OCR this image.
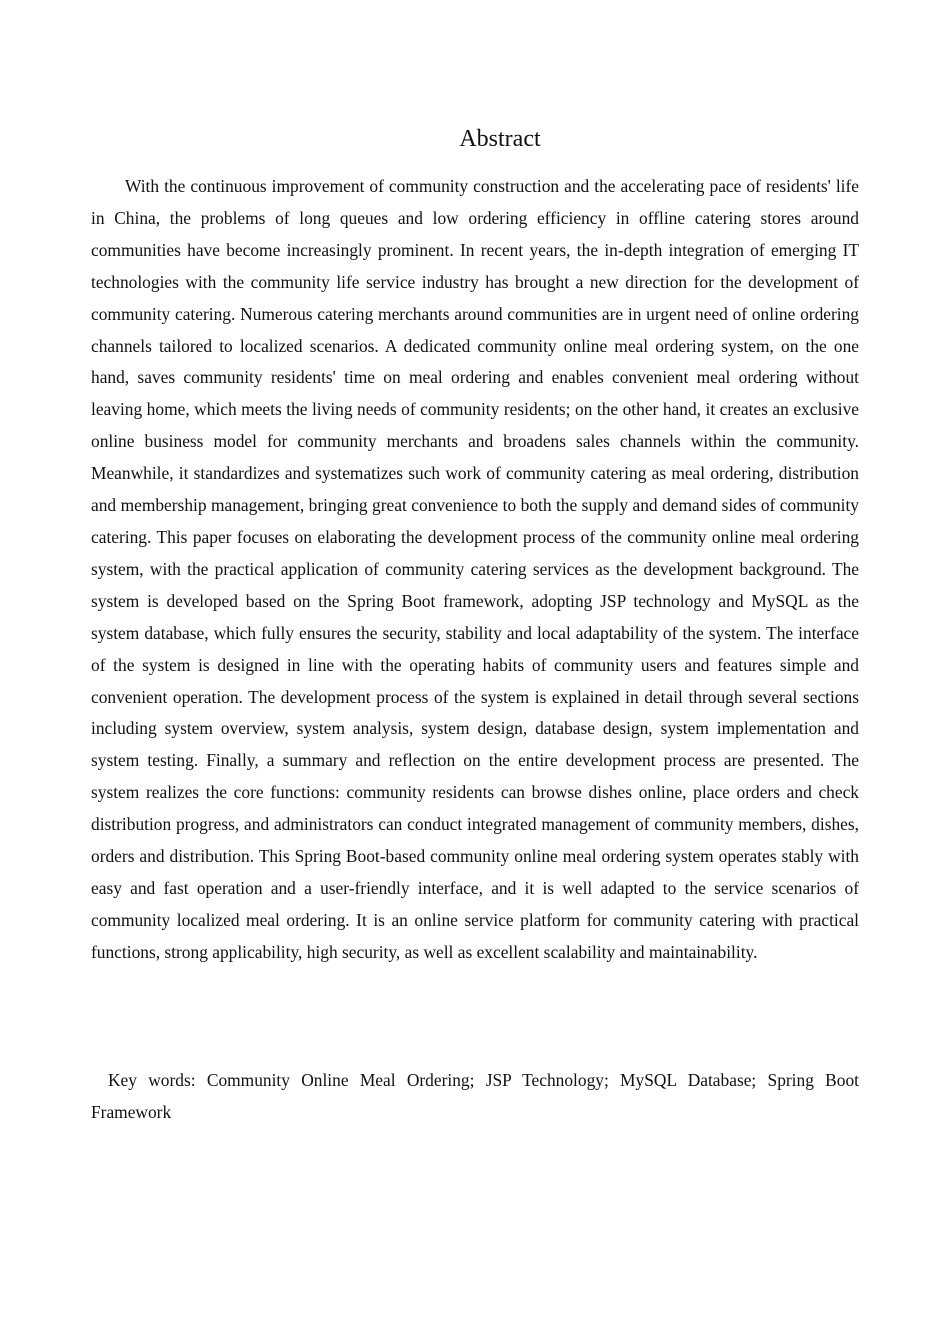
Abstract

With the continuous improvement of community construction and the accelerating pace of residents' life in China, the problems of long queues and low ordering efficiency in offline catering stores around communities have become increasingly prominent. In recent years, the in-depth integration of emerging IT technologies with the community life service industry has brought a new direction for the development of community catering. Numerous catering merchants around communities are in urgent need of online ordering channels tailored to localized scenarios. A dedicated community online meal ordering system, on the one hand, saves community residents' time on meal ordering and enables convenient meal ordering without leaving home, which meets the living needs of community residents; on the other hand, it creates an exclusive online business model for community merchants and broadens sales channels within the community. Meanwhile, it standardizes and systematizes such work of community catering as meal ordering, distribution and membership management, bringing great convenience to both the supply and demand sides of community catering. This paper focuses on elaborating the development process of the community online meal ordering system, with the practical application of community catering services as the development background. The system is developed based on the Spring Boot framework, adopting JSP technology and MySQL as the system database, which fully ensures the security, stability and local adaptability of the system. The interface of the system is designed in line with the operating habits of community users and features simple and convenient operation. The development process of the system is explained in detail through several sections including system overview, system analysis, system design, database design, system implementation and system testing. Finally, a summary and reflection on the entire development process are presented. The system realizes the core functions: community residents can browse dishes online, place orders and check distribution progress, and administrators can conduct integrated management of community members, dishes, orders and distribution. This Spring Boot-based community online meal ordering system operates stably with easy and fast operation and a user-friendly interface, and it is well adapted to the service scenarios of community localized meal ordering. It is an online service platform for community catering with practical functions, strong applicability, high security, as well as excellent scalability and maintainability.

Key words: Community Online Meal Ordering; JSP Technology; MySQL Database; Spring Boot Framework
